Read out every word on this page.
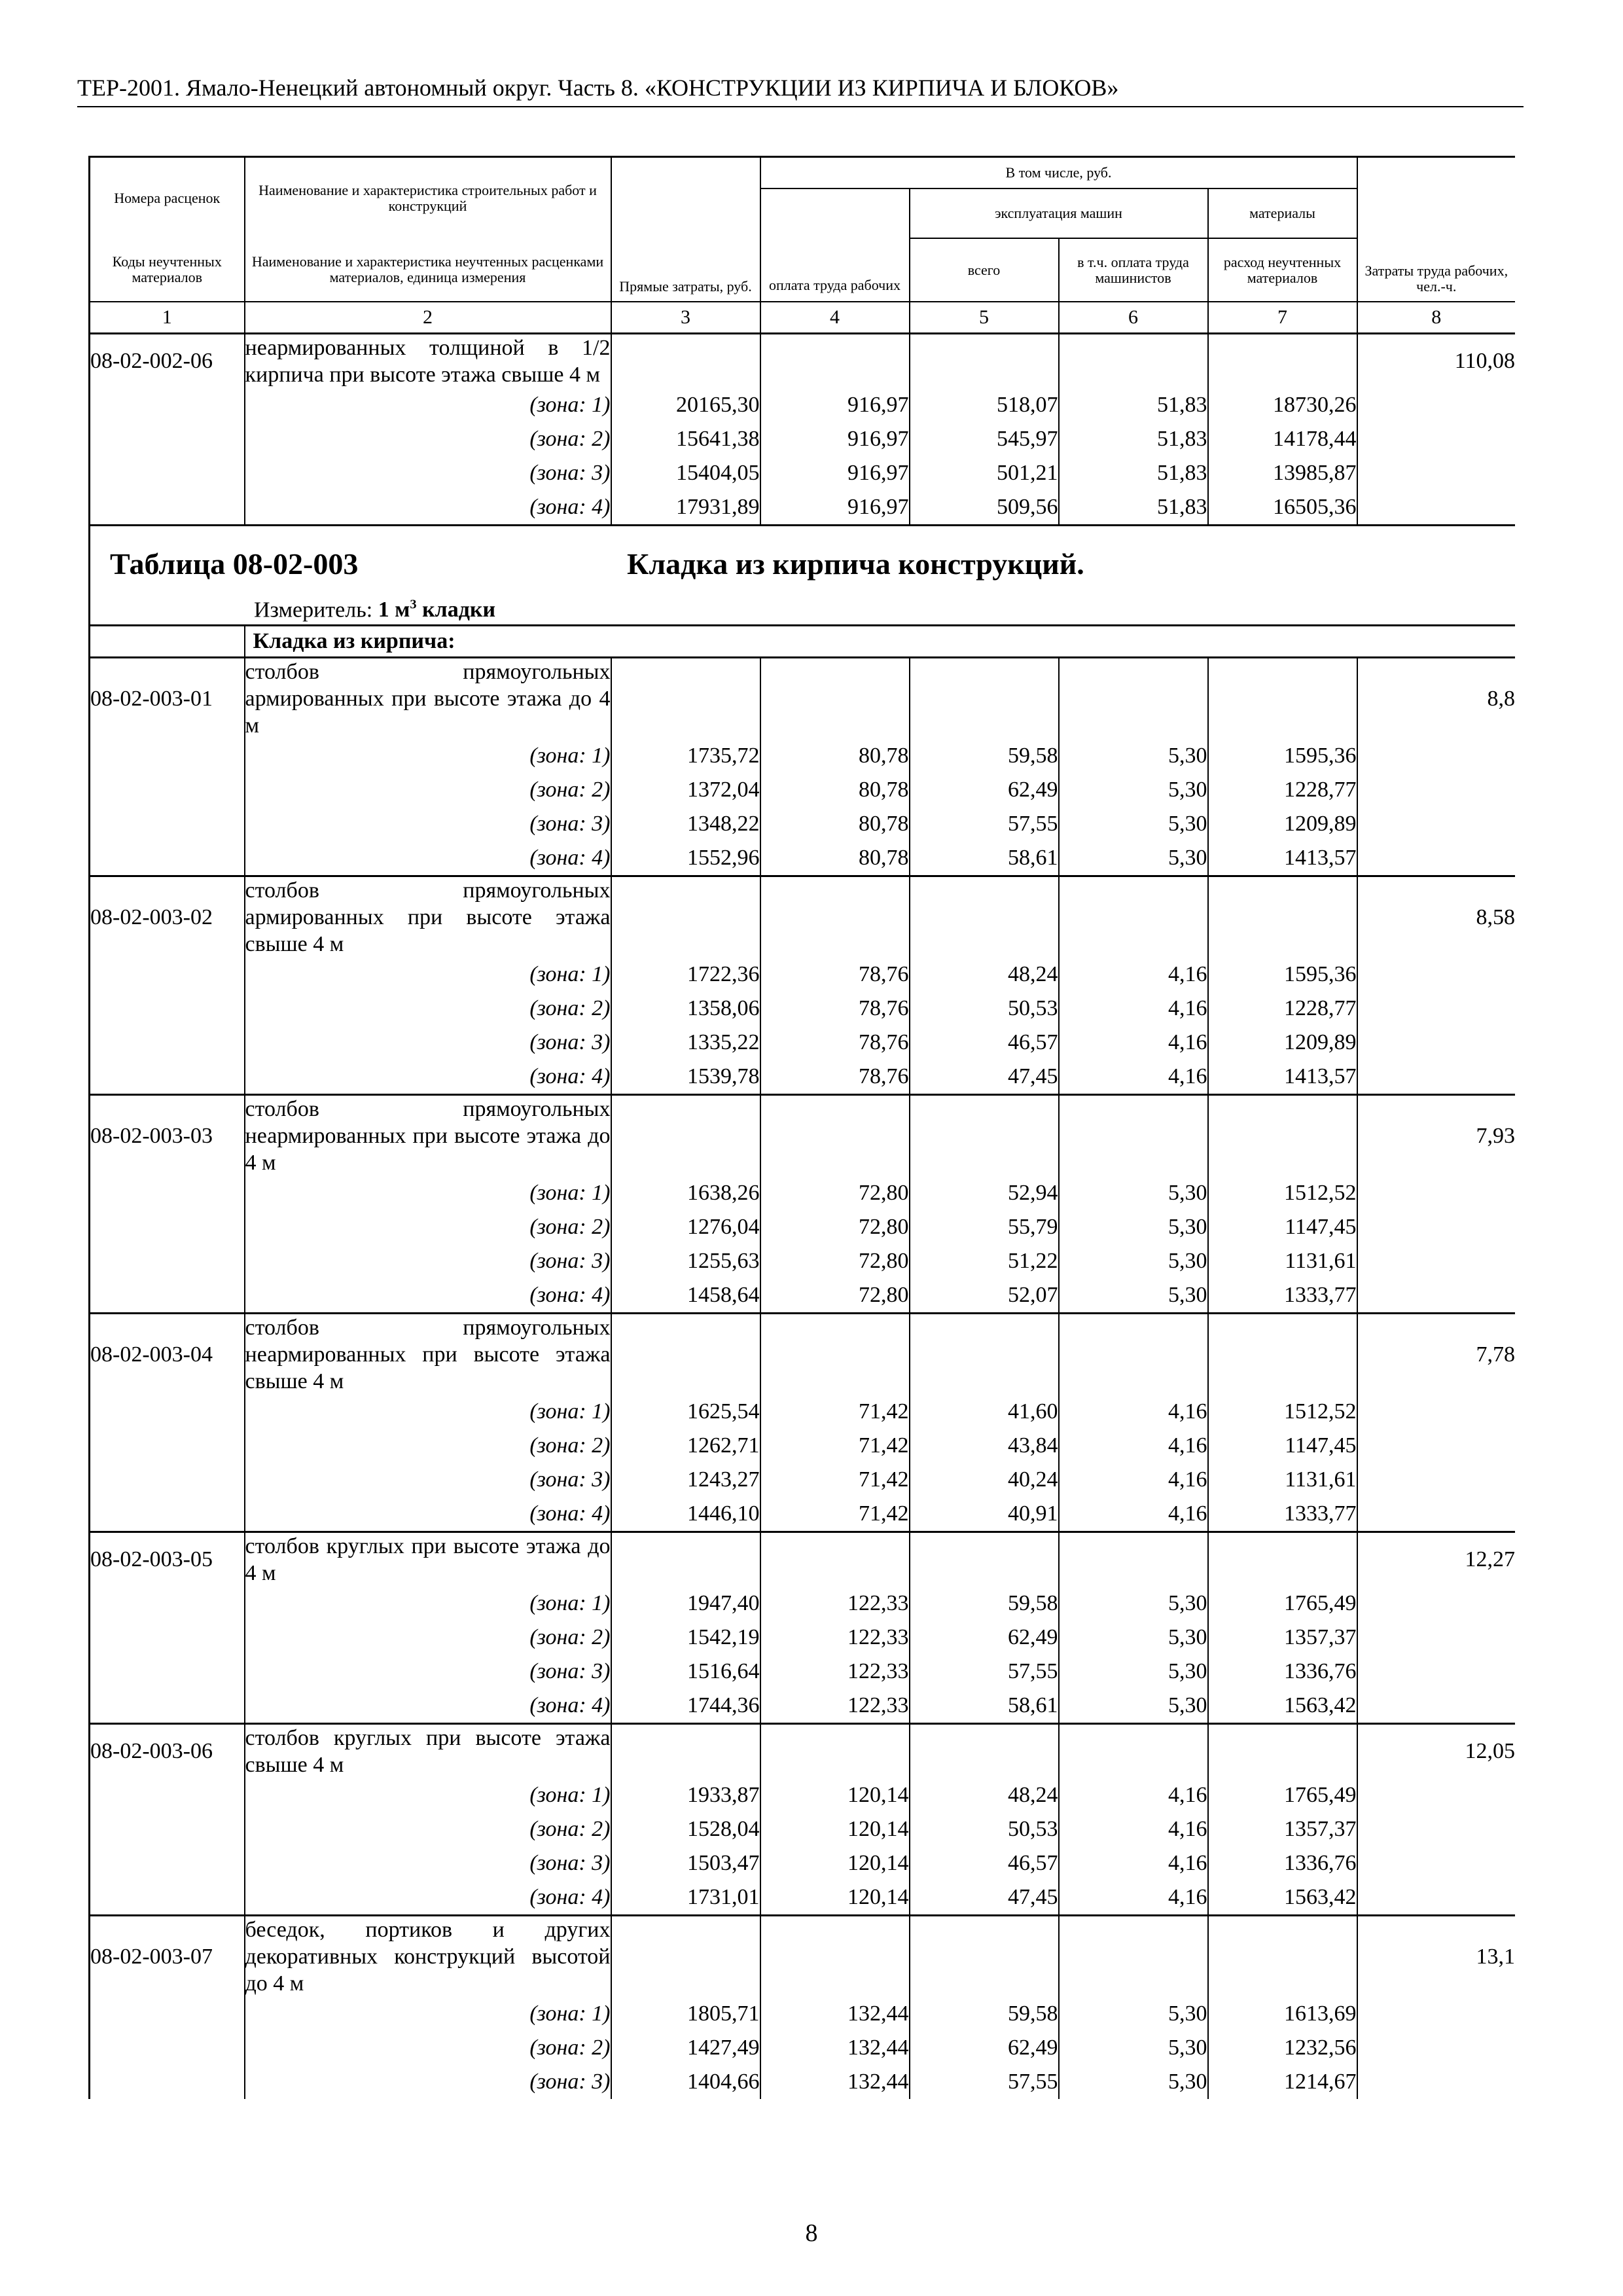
ТЕР-2001. Ямало-Ненецкий автономный округ. Часть 8. «КОНСТРУКЦИИ ИЗ КИРПИЧА И БЛОКОВ»
Номера расценок	Наименование и характеристика строительных работ и конструкций	Прямые затраты, руб.	В том числе, руб.				Затраты труда рабочих, чел.-ч.
			оплата труда рабочих	эксплуатация машин		материалы	
Коды неучтенных материалов	Наименование и характеристика неучтенных расценками материалов, единица измерения			всего	в т.ч. оплата труда машинистов	расход неучтенных материалов	
1	2	3	4	5	6	7	8
08-02-002-06	неармированных толщиной в 1/2 кирпича при высоте этажа свыше 4 м						110,08
	(зона: 1)	20165,30	916,97	518,07	51,83	18730,26	
	(зона: 2)	15641,38	916,97	545,97	51,83	14178,44	
	(зона: 3)	15404,05	916,97	501,21	51,83	13985,87	
	(зона: 4)	17931,89	916,97	509,56	51,83	16505,36	

Таблица 08-02-003 Кладка из кирпича конструкций.
Измеритель: 1 $м^3$ кладки							

	Кладка из кирпича:						
08-02-003-01	столбов прямоугольных армированных при высоте этажа до 4 м						8,8
	(зона: 1)	1735,72	80,78	59,58	5,30	1595,36	
	(зона: 2)	1372,04	80,78	62,49	5,30	1228,77	
	(зона: 3)	1348,22	80,78	57,55	5,30	1209,89	
	(зона: 4)	1552,96	80,78	58,61	5,30	1413,57	
08-02-003-02	столбов прямоугольных армированных при высоте этажа свыше 4 м						8,58
	(зона: 1)	1722,36	78,76	48,24	4,16	1595,36	
	(зона: 2)	1358,06	78,76	50,53	4,16	1228,77	
	(зона: 3)	1335,22	78,76	46,57	4,16	1209,89	
	(зона: 4)	1539,78	78,76	47,45	4,16	1413,57	
08-02-003-03	столбов прямоугольных неармированных при высоте этажа до 4 м						7,93
	(зона: 1)	1638,26	72,80	52,94	5,30	1512,52	
	(зона: 2)	1276,04	72,80	55,79	5,30	1147,45	
	(зона: 3)	1255,63	72,80	51,22	5,30	1131,61	
	(зона: 4)	1458,64	72,80	52,07	5,30	1333,77	
08-02-003-04	столбов прямоугольных неармированных при высоте этажа свыше 4 м						7,78
	(зона: 1)	1625,54	71,42	41,60	4,16	1512,52	
	(зона: 2)	1262,71	71,42	43,84	4,16	1147,45	
	(зона: 3)	1243,27	71,42	40,24	4,16	1131,61	
	(зона: 4)	1446,10	71,42	40,91	4,16	1333,77	
08-02-003-05	столбов круглых при высоте этажа до 4 м						12,27
	(зона: 1)	1947,40	122,33	59,58	5,30	1765,49	
	(зона: 2)	1542,19	122,33	62,49	5,30	1357,37	
	(зона: 3)	1516,64	122,33	57,55	5,30	1336,76	
	(зона: 4)	1744,36	122,33	58,61	5,30	1563,42	
08-02-003-06	столбов круглых при высоте этажа свыше 4 м						12,05
	(зона: 1)	1933,87	120,14	48,24	4,16	1765,49	
	(зона: 2)	1528,04	120,14	50,53	4,16	1357,37	
	(зона: 3)	1503,47	120,14	46,57	4,16	1336,76	
	(зона: 4)	1731,01	120,14	47,45	4,16	1563,42	
08-02-003-07	беседок, портиков и других декоративных конструкций высотой до 4 м						13,1
	(зона: 1)	1805,71	132,44	59,58	5,30	1613,69	
	(зона: 2)	1427,49	132,44	62,49	5,30	1232,56	
	(зона: 3)	1404,66	132,44	57,55	5,30	1214,67	
8
